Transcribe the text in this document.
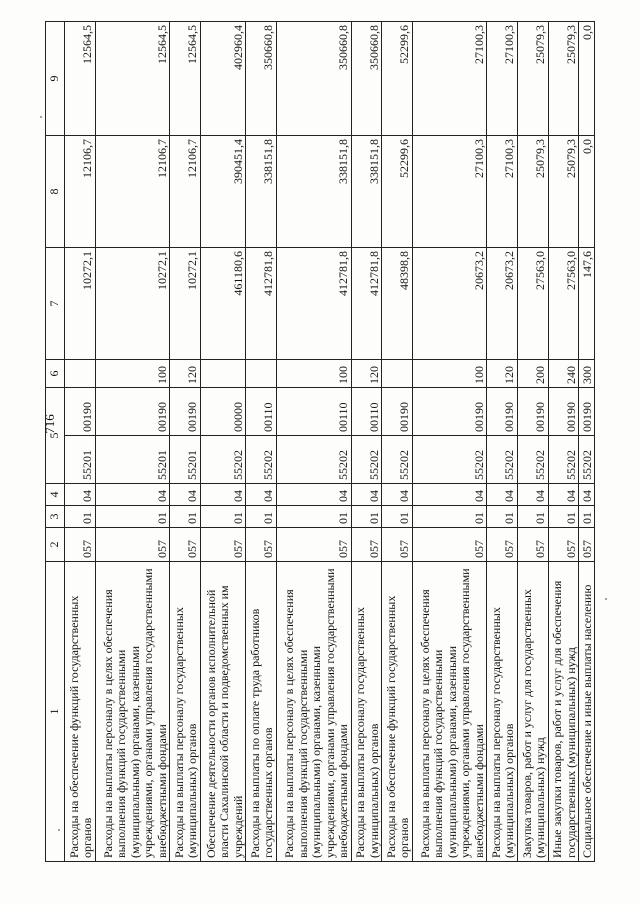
716
1	2	3	4	5		6	7	8	9
Расходы на обеспечение функций государственных органов	057	01	04	55201	00190		10272,1	12106,7	12564,5
Расходы на выплаты персоналу в целях обеспечения выполнения функций государственными (муниципальными) органами, казенными учреждениями, органами управления государственными внебюджетными фондами	057	01	04	55201	00190	100	10272,1	12106,7	12564,5
Расходы на выплаты персоналу государственных (муниципальных) органов	057	01	04	55201	00190	120	10272,1	12106,7	12564,5
Обеспечение деятельности органов исполнительной власти Сахалинской области и подведомственных им учреждений	057	01	04	55202	00000		461180,6	390451,4	402960,4
Расходы на выплаты по оплате труда работников государственных органов	057	01	04	55202	00110		412781,8	338151,8	350660,8
Расходы на выплаты персоналу в целях обеспечения выполнения функций государственными (муниципальными) органами, казенными учреждениями, органами управления государственными внебюджетными фондами	057	01	04	55202	00110	100	412781,8	338151,8	350660,8
Расходы на выплаты персоналу государственных (муниципальных) органов	057	01	04	55202	00110	120	412781,8	338151,8	350660,8
Расходы на обеспечение функций государственных органов	057	01	04	55202	00190		48398,8	52299,6	52299,6
Расходы на выплаты персоналу в целях обеспечения выполнения функций государственными (муниципальными) органами, казенными учреждениями, органами управления государственными внебюджетными фондами	057	01	04	55202	00190	100	20673,2	27100,3	27100,3
Расходы на выплаты персоналу государственных (муниципальных) органов	057	01	04	55202	00190	120	20673,2	27100,3	27100,3
Закупка товаров, работ и услуг для государственных (муниципальных) нужд	057	01	04	55202	00190	200	27563,0	25079,3	25079,3
Иные закупки товаров, работ и услуг для обеспечения государственных (муниципальных) нужд	057	01	04	55202	00190	240	27563,0	25079,3	25079,3
Социальное обеспечение и иные выплаты населению	057	01	04	55202	00190	300	147,6	0,0	0,0
